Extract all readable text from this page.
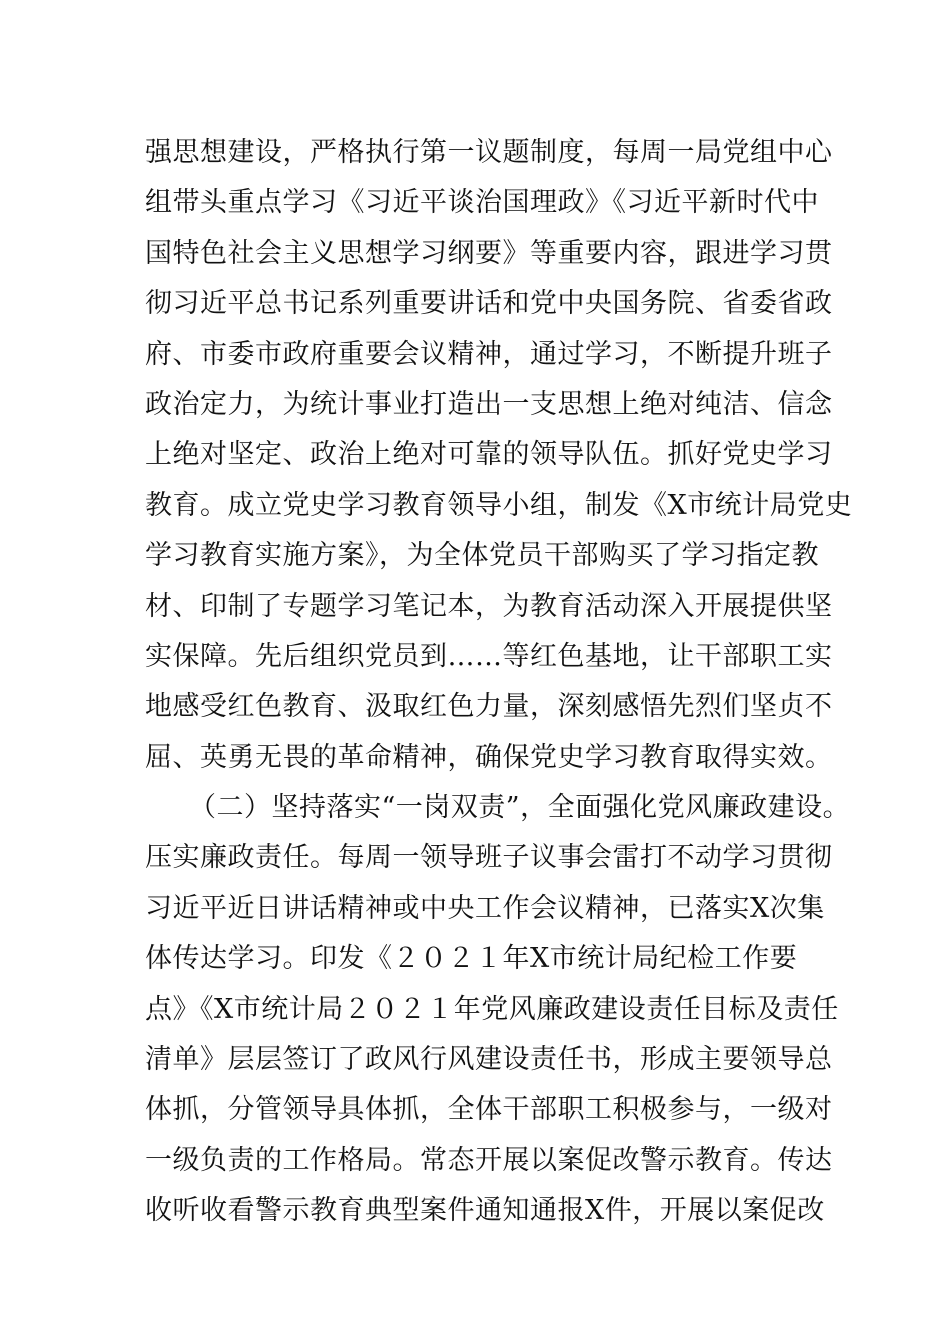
强思想建设，严格执行第一议题制度，每周一局党组中心
组带头重点学习《习近平谈治国理政》《习近平新时代中
国特色社会主义思想学习纲要》等重要内容，跟进学习贯
彻习近平总书记系列重要讲话和党中央国务院、省委省政
府、市委市政府重要会议精神，通过学习，不断提升班子
政治定力，为统计事业打造出一支思想上绝对纯洁、信念
上绝对坚定、政治上绝对可靠的领导队伍。抓好党史学习
教育。成立党史学习教育领导小组，制发《X市统计局党史
学习教育实施方案》，为全体党员干部购买了学习指定教
材、印制了专题学习笔记本，为教育活动深入开展提供坚
实保障。先后组织党员到……等红色基地，让干部职工实
地感受红色教育、汲取红色力量，深刻感悟先烈们坚贞不
屈、英勇无畏的革命精神，确保党史学习教育取得实效。
（二）坚持落实“一岗双责”，全面强化党风廉政建设。
压实廉政责任。每周一领导班子议事会雷打不动学习贯彻
习近平近日讲话精神或中央工作会议精神，已落实X次集
体传达学习。印发《２０２１年X市统计局纪检工作要
点》《X市统计局２０２１年党风廉政建设责任目标及责任
清单》层层签订了政风行风建设责任书，形成主要领导总
体抓，分管领导具体抓，全体干部职工积极参与，一级对
一级负责的工作格局。常态开展以案促改警示教育。传达
收听收看警示教育典型案件通知通报X件，开展以案促改
